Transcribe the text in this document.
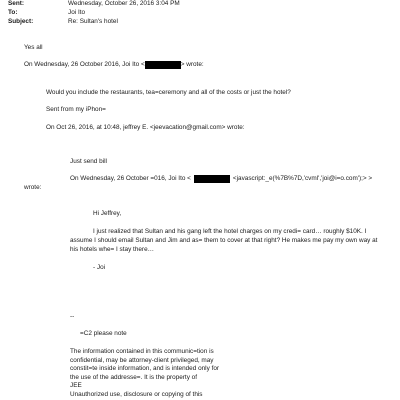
Sent:	Wednesday, October 26, 2016 3:04 PM
To:	Joi Ito
Subject:	Re: Sultan's hotel
Yes all
On Wednesday, 26 October 2016, Joi Ito <	> wrote:
Would you include the restaurants, tea=ceremony and all of the costs or just the hotel?
Sent from my iPhon=
On Oct 26, 2016, at 10:48, jeffrey E. <jeevacation@gmail.com> wrote:
Just send bill
On Wednesday, 26 October =016, Joi Ito <	<javascript:_e(%7B%7D,'cvml','joi@i=o.com');> >
wrote:
Hi Jeffrey,
I just realized that Sultan and his gang left the hotel charges on my credi= card… roughly $10K. I assume I should email Sultan and Jim and as= them to cover at that right? He makes me pay my own way at his hotels whe= I stay there…
- Joi
--
=C2 please note
The information contained in this communic=tion is
confidential, may be attorney-client privileged, may
constit=te inside information, and is intended only for
the use of the addresse=. It is the property of
JEE
Unauthorized use, disclosure or copying of this
